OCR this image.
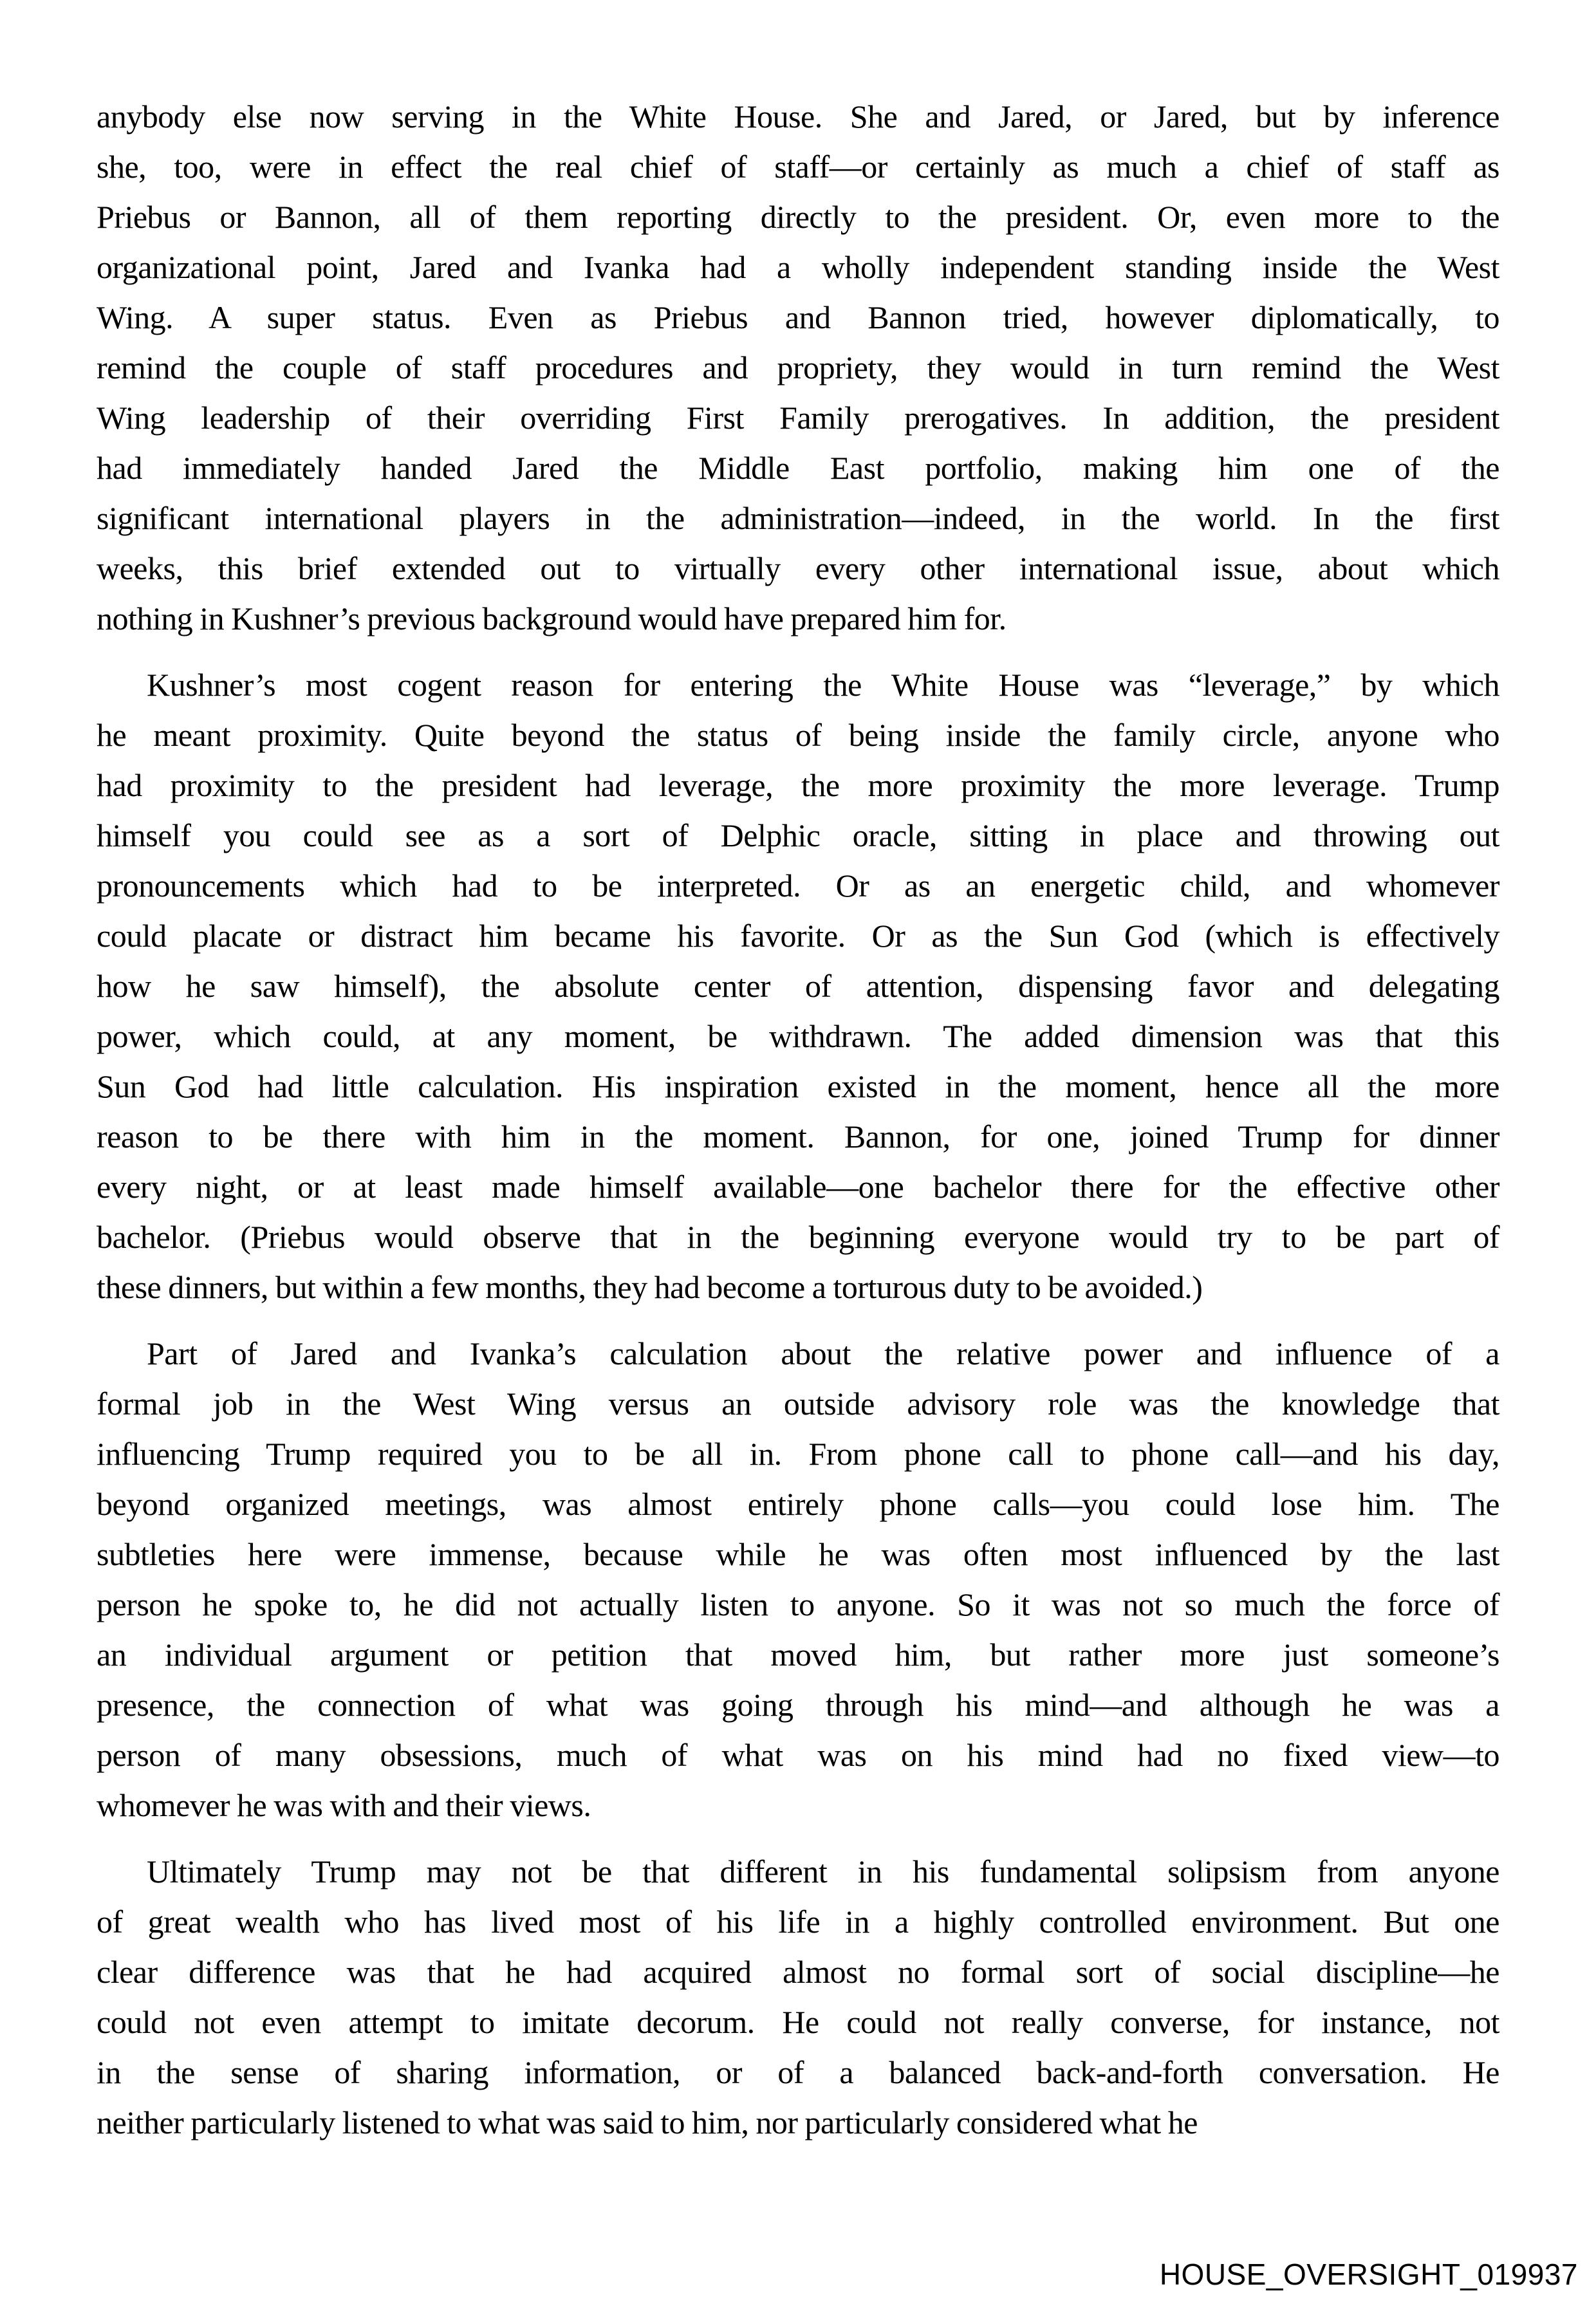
anybody else now serving in the White House. She and Jared, or Jared, but by inference
she, too, were in effect the real chief of staff—or certainly as much a chief of staff as
Priebus or Bannon, all of them reporting directly to the president. Or, even more to the
organizational point, Jared and Ivanka had a wholly independent standing inside the West
Wing. A super status. Even as Priebus and Bannon tried, however diplomatically, to
remind the couple of staff procedures and propriety, they would in turn remind the West
Wing leadership of their overriding First Family prerogatives. In addition, the president
had immediately handed Jared the Middle East portfolio, making him one of the
significant international players in the administration—indeed, in the world. In the first
weeks, this brief extended out to virtually every other international issue, about which
nothing in Kushner’s previous background would have prepared him for.
Kushner’s most cogent reason for entering the White House was “leverage,” by which
he meant proximity. Quite beyond the status of being inside the family circle, anyone who
had proximity to the president had leverage, the more proximity the more leverage. Trump
himself you could see as a sort of Delphic oracle, sitting in place and throwing out
pronouncements which had to be interpreted. Or as an energetic child, and whomever
could placate or distract him became his favorite. Or as the Sun God (which is effectively
how he saw himself), the absolute center of attention, dispensing favor and delegating
power, which could, at any moment, be withdrawn. The added dimension was that this
Sun God had little calculation. His inspiration existed in the moment, hence all the more
reason to be there with him in the moment. Bannon, for one, joined Trump for dinner
every night, or at least made himself available—one bachelor there for the effective other
bachelor. (Priebus would observe that in the beginning everyone would try to be part of
these dinners, but within a few months, they had become a torturous duty to be avoided.)
Part of Jared and Ivanka’s calculation about the relative power and influence of a
formal job in the West Wing versus an outside advisory role was the knowledge that
influencing Trump required you to be all in. From phone call to phone call—and his day,
beyond organized meetings, was almost entirely phone calls—you could lose him. The
subtleties here were immense, because while he was often most influenced by the last
person he spoke to, he did not actually listen to anyone. So it was not so much the force of
an individual argument or petition that moved him, but rather more just someone’s
presence, the connection of what was going through his mind—and although he was a
person of many obsessions, much of what was on his mind had no fixed view—to
whomever he was with and their views.
Ultimately Trump may not be that different in his fundamental solipsism from anyone
of great wealth who has lived most of his life in a highly controlled environment. But one
clear difference was that he had acquired almost no formal sort of social discipline—he
could not even attempt to imitate decorum. He could not really converse, for instance, not
in the sense of sharing information, or of a balanced back-and-forth conversation. He
neither particularly listened to what was said to him, nor particularly considered what he
HOUSE_OVERSIGHT_019937
